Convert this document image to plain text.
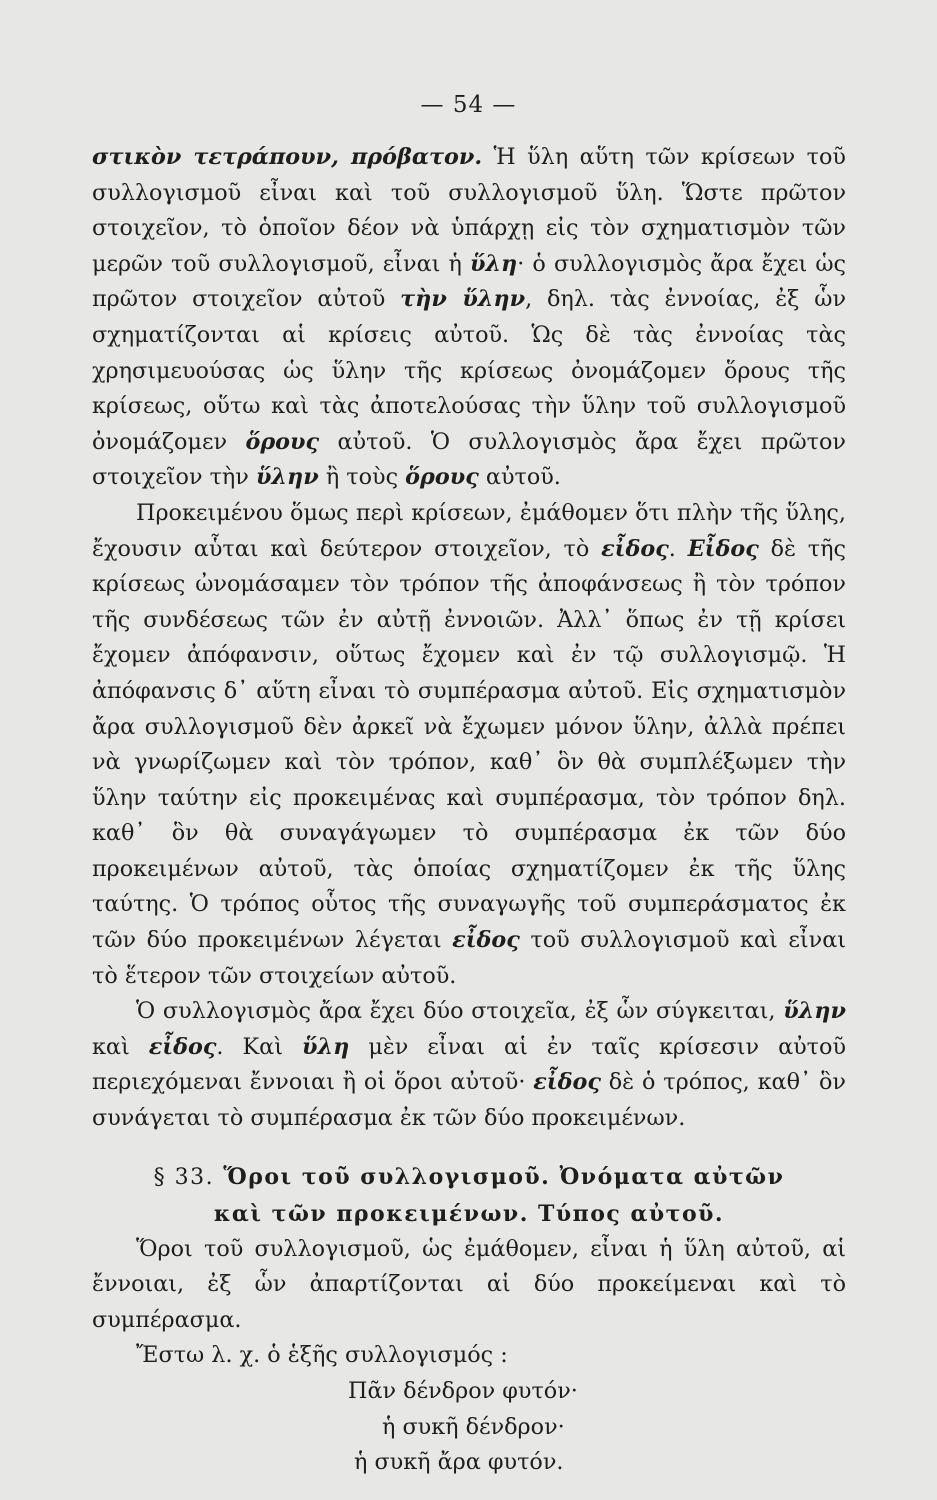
— 54 —

στικὸν τετράπουν, πρόβατον. Ἡ ὕλη αὕτη τῶν κρίσεων τοῦ συλλογισμοῦ εἶναι καὶ τοῦ συλλογισμοῦ ὕλη. Ὥστε πρῶτον στοιχεῖον, τὸ ὁποῖον δέον νὰ ὑπάρχῃ εἰς τὸν σχηματισμὸν τῶν μερῶν τοῦ συλλογισμοῦ, εἶναι ἡ ὕλη· ὁ συλλογισμὸς ἄρα ἔχει ὡς πρῶτον στοιχεῖον αὐτοῦ τὴν ὕλην, δηλ. τὰς ἐννοίας, ἐξ ὧν σχηματίζονται αἱ κρίσεις αὐτοῦ. Ὡς δὲ τὰς ἐννοίας τὰς χρησιμευούσας ὡς ὕλην τῆς κρίσεως ὀνομάζομεν ὅρους τῆς κρίσεως, οὕτω καὶ τὰς ἀποτελούσας τὴν ὕλην τοῦ συλλογισμοῦ ὀνομάζομεν ὅρους αὐτοῦ. Ὁ συλλογισμὸς ἄρα ἔχει πρῶτον στοιχεῖον τὴν ὕλην ἢ τοὺς ὅρους αὐτοῦ.

Προκειμένου ὅμως περὶ κρίσεων, ἐμάθομεν ὅτι πλὴν τῆς ὕλης, ἔχουσιν αὗται καὶ δεύτερον στοιχεῖον, τὸ εἶδος. Εἶδος δὲ τῆς κρίσεως ὠνομάσαμεν τὸν τρόπον τῆς ἀποφάνσεως ἢ τὸν τρόπον τῆς συνδέσεως τῶν ἐν αὐτῇ ἐννοιῶν. Ἀλλ᾽ ὅπως ἐν τῇ κρίσει ἔχομεν ἀπόφανσιν, οὕτως ἔχομεν καὶ ἐν τῷ συλλογισμῷ. Ἡ ἀπόφανσις δ᾽ αὕτη εἶναι τὸ συμπέρασμα αὐτοῦ. Εἰς σχηματισμὸν ἄρα συλλογισμοῦ δὲν ἀρκεῖ νὰ ἔχωμεν μόνον ὕλην, ἀλλὰ πρέπει νὰ γνωρίζωμεν καὶ τὸν τρόπον, καθ᾽ ὃν θὰ συμπλέξωμεν τὴν ὕλην ταύτην εἰς προκειμένας καὶ συμπέρασμα, τὸν τρόπον δηλ. καθ᾽ ὃν θὰ συναγάγωμεν τὸ συμπέρασμα ἐκ τῶν δύο προκειμένων αὐτοῦ, τὰς ὁποίας σχηματίζομεν ἐκ τῆς ὕλης ταύτης. Ὁ τρόπος οὗτος τῆς συναγωγῆς τοῦ συμπεράσματος ἐκ τῶν δύο προκειμένων λέγεται εἶδος τοῦ συλλογισμοῦ καὶ εἶναι τὸ ἕτερον τῶν στοιχείων αὐτοῦ.

Ὁ συλλογισμὸς ἄρα ἔχει δύο στοιχεῖα, ἐξ ὧν σύγκειται, ὕλην καὶ εἶδος. Καὶ ὕλη μὲν εἶναι αἱ ἐν ταῖς κρίσεσιν αὐτοῦ περιεχόμεναι ἔννοιαι ἢ οἱ ὅροι αὐτοῦ· εἶδος δὲ ὁ τρόπος, καθ᾽ ὃν συνάγεται τὸ συμπέρασμα ἐκ τῶν δύο προκειμένων.

§ 33. Ὅροι τοῦ συλλογισμοῦ. Ὀνόματα αὐτῶν
καὶ τῶν προκειμένων. Τύπος αὐτοῦ.

Ὅροι τοῦ συλλογισμοῦ, ὡς ἐμάθομεν, εἶναι ἡ ὕλη αὐτοῦ, αἱ ἔννοιαι, ἐξ ὧν ἀπαρτίζονται αἱ δύο προκείμεναι καὶ τὸ συμπέρασμα.

Ἔστω λ. χ. ὁ ἑξῆς συλλογισμός :

Πᾶν δένδρον φυτόν·
ἡ συκῆ δένδρον·
ἡ συκῆ ἄρα φυτόν.
